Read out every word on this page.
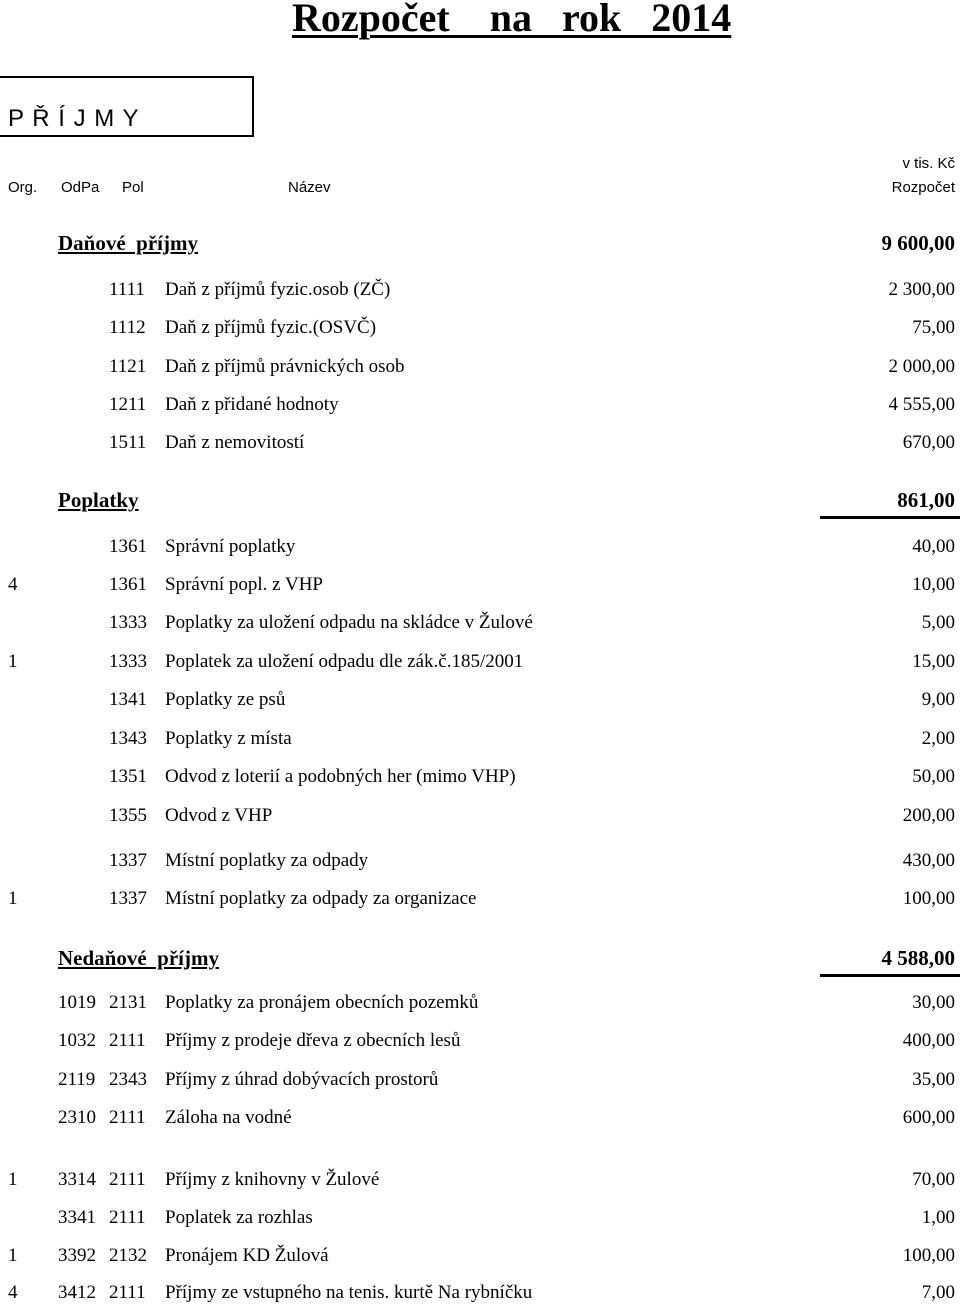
Rozpočet    na   rok   2014
P Ř Í J M Y
v tis. Kč
Org. OdPa Pol	Název	Rozpočet
Daňové  příjmy	9 600,00
1111 Daň z příjmů fyzic.osob (ZČ)	2 300,00
1112 Daň z příjmů fyzic.(OSVČ)	75,00
1121 Daň z příjmů právnických osob	2 000,00
1211 Daň z přidané hodnoty	4 555,00
1511 Daň z nemovitostí	670,00
Poplatky	861,00
1361 Správní poplatky	40,00
4	1361 Správní popl. z VHP	10,00
1333 Poplatky za uložení odpadu na skládce v Žulové	5,00
1	1333 Poplatek za uložení odpadu dle zák.č.185/2001	15,00
1341 Poplatky ze psů	9,00
1343 Poplatky z místa	2,00
1351 Odvod z loterií a podobných her (mimo VHP)	50,00
1355 Odvod z VHP	200,00
1337 Místní poplatky za odpady	430,00
1	1337 Místní poplatky za odpady za organizace	100,00
Nedaňové  příjmy	4 588,00
1019 2131 Poplatky za pronájem obecních pozemků	30,00
1032 2111 Příjmy z prodeje dřeva z obecních lesů	400,00
2119 2343 Příjmy z úhrad dobývacích prostorů	35,00
2310 2111 Záloha na vodné	600,00
1 3314 2111 Příjmy z knihovny v Žulové	70,00
3341 2111 Poplatek za rozhlas	1,00
1 3392 2132 Pronájem KD Žulová	100,00
4 3412 2111 Příjmy ze vstupného na tenis. kurtě Na rybníčku	7,00
